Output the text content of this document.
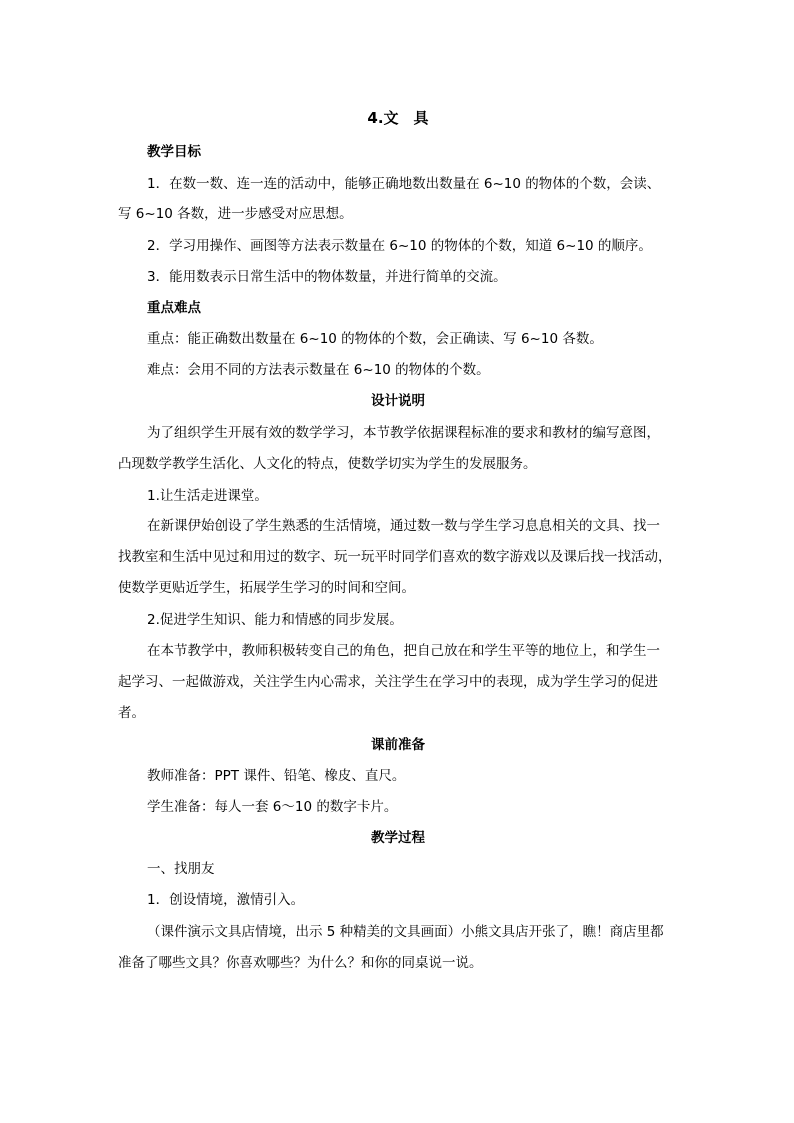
4.文　具
教学目标
1．在数一数、连一连的活动中，能够正确地数出数量在 6~10 的物体的个数，会读、
写 6~10 各数，进一步感受对应思想。
2．学习用操作、画图等方法表示数量在 6~10 的物体的个数，知道 6~10 的顺序。
3．能用数表示日常生活中的物体数量，并进行简单的交流。
重点难点
重点：能正确数出数量在 6~10 的物体的个数，会正确读、写 6~10 各数。
难点：会用不同的方法表示数量在 6~10 的物体的个数。
设计说明
为了组织学生开展有效的数学学习，本节教学依据课程标准的要求和教材的编写意图，
凸现数学教学生活化、人文化的特点，使数学切实为学生的发展服务。
1.让生活走进课堂。
在新课伊始创设了学生熟悉的生活情境，通过数一数与学生学习息息相关的文具、找一
找教室和生活中见过和用过的数字、玩一玩平时同学们喜欢的数字游戏以及课后找一找活动，
使数学更贴近学生，拓展学生学习的时间和空间。
2.促进学生知识、能力和情感的同步发展。
在本节教学中，教师积极转变自己的角色，把自己放在和学生平等的地位上，和学生一
起学习、一起做游戏，关注学生内心需求，关注学生在学习中的表现，成为学生学习的促进
者。
课前准备
教师准备：PPT 课件、铅笔、橡皮、直尺。
学生准备：每人一套 6～10 的数字卡片。
教学过程
一、找朋友
1．创设情境，激情引入。
（课件演示文具店情境，出示 5 种精美的文具画面）小熊文具店开张了，瞧！商店里都
准备了哪些文具？你喜欢哪些？为什么？和你的同桌说一说。
